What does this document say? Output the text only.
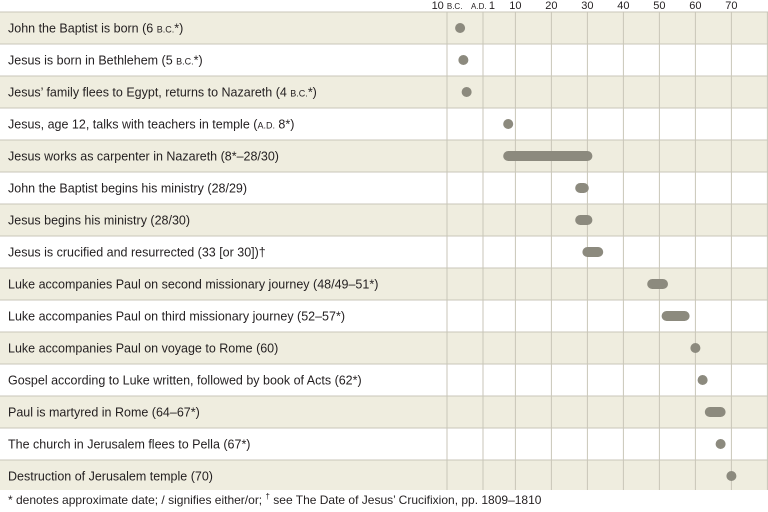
10 B.C. A.D. 1 10 20 30 40 50 60 70
John the Baptist is born (6 B.C.*)
Jesus is born in Bethlehem (5 B.C.*)
Jesus’ family flees to Egypt, returns to Nazareth (4 B.C.*)
Jesus, age 12, talks with teachers in temple (A.D. 8*)
Jesus works as carpenter in Nazareth (8*–28/30)
John the Baptist begins his ministry (28/29)
Jesus begins his ministry (28/30)
Jesus is crucified and resurrected (33 [or 30])†
Luke accompanies Paul on second missionary journey (48/49–51*)
Luke accompanies Paul on third missionary journey (52–57*)
Luke accompanies Paul on voyage to Rome (60)
Gospel according to Luke written, followed by book of Acts (62*)
Paul is martyred in Rome (64–67*)
The church in Jerusalem flees to Pella (67*)
Destruction of Jerusalem temple (70)
* denotes approximate date; / signifies either/or; † see The Date of Jesus’ Crucifixion, pp. 1809–1810
